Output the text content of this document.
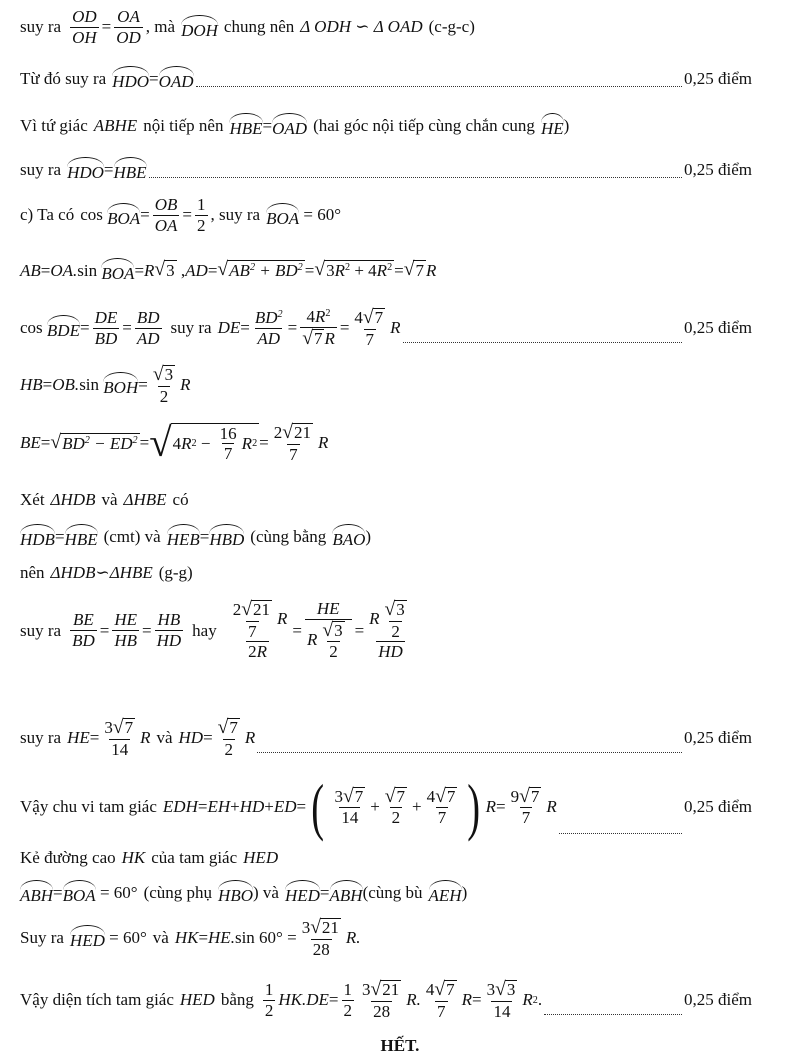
suy ra $\frac{OD}{OH} = \frac{OA}{OD}$ , mà DOH chung nên Δ ODH ∽ Δ OAD (c-g-c)
Từ đó suy ra HDO = OAD	0,25 điểm
Vì tứ giác ABHE nội tiếp nên HBE = OAD (hai góc nội tiếp cùng chắn cung HE )
suy ra HDO = HBE	0,25 điểm
c) Ta có cos BOA = $\frac{OB}{OA} = \frac{1}{2}$ , suy ra BOA = 60°
AB = OA. sin BOA = R √ 3 , AD = √ $AB^2 + BD^2$ = √ $3R^2 + 4R^2$ = √ 7 R
cos BDE = $\frac{DE}{BD} = \frac{BD}{AD}$ suy ra DE = $\frac{BD^2}{AD} = \frac{4R^2}{√ 7 R} = \frac{4 √ 7}{7}$ R	0,25 điểm
HB = OB. sin BOH = $\frac{√ 3}{2}$ R
BE = √ $BD^2 - ED^2$ = √ 4 R 2 −
16
7
R $2 = \frac{2 √ 21}{7}$ R
Xét ΔHDB và ΔHBE có
HDB = HBE (cmt) và HEB = HBD (cùng bằng BAO )
nên ΔHDB∽ΔHBE (g-g)
suy ra $\frac{BE}{BD} = \frac{HE}{HB} = \frac{HB}{HD}$ hay $\frac{\frac{2 √ 21}{7} R}{2R} = \frac{HE}{R \frac{√ 3}{2}} = \frac{R \frac{√ 3}{2}}{HD}$
suy ra HE = $\frac{3 √ 7}{14}$ R và HD = $\frac{√ 7}{2}$ R	0,25 điểm
Vậy chu vi tam giác EDH = EH + HD + ED = ( 3 √ 7
14
+ $\frac{√ 7}{2} + \frac{4 √ 7}{7}$ ) $R = \frac{9 √ 7}{7}$ R	0,25 điểm
Kẻ đường cao HK của tam giác HED
ABH = BOA = 60° (cùng phụ HBO ) và HED = ABH (cùng bù AEH )
Suy ra HED = 60° và HK = HE. $\sin 60^\circ = \frac{3 √ 21}{28} R$.
Vậy diện tích tam giác HED bằng
1
2
$HK.DE = \frac{1}{2} 3$ √ 21
28
R.
4 √ 7
7
$R = \frac{3 √ 3}{14}$ R 2 .	0,25 điểm
HẾT.
